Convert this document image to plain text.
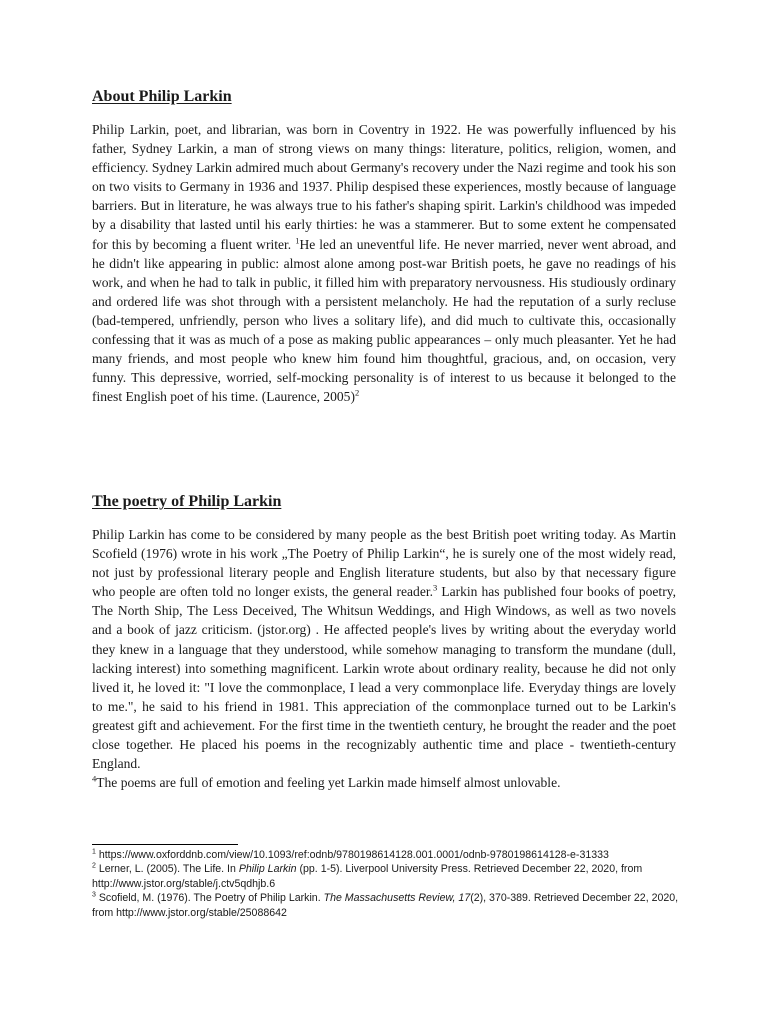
About Philip Larkin

Philip Larkin, poet, and librarian, was born in Coventry in 1922. He was powerfully influenced by his father, Sydney Larkin, a man of strong views on many things: literature, politics, religion, women, and efficiency. Sydney Larkin admired much about Germany's recovery under the Nazi regime and took his son on two visits to Germany in 1936 and 1937. Philip despised these experiences, mostly because of language barriers. But in literature, he was always true to his father's shaping spirit. Larkin's childhood was impeded by a disability that lasted until his early thirties: he was a stammerer. But to some extent he compensated for this by becoming a fluent writer. $^1$He led an uneventful life. He never married, never went abroad, and he didn't like appearing in public: almost alone among post-war British poets, he gave no readings of his work, and when he had to talk in public, it filled him with preparatory nervousness. His studiously ordinary and ordered life was shot through with a persistent melancholy. He had the reputation of a surly recluse (bad-tempered, unfriendly, person who lives a solitary life), and did much to cultivate this, occasionally confessing that it was as much of a pose as making public appearances – only much pleasanter. Yet he had many friends, and most people who knew him found him thoughtful, gracious, and, on occasion, very funny. This depressive, worried, self-mocking personality is of interest to us because it belonged to the finest English poet of his time. (Laurence, 2005)$^2$

The poetry of Philip Larkin

Philip Larkin has come to be considered by many people as the best British poet writing today. As Martin Scofield (1976) wrote in his work „The Poetry of Philip Larkin“, he is surely one of the most widely read, not just by professional literary people and English literature students, but also by that necessary figure who people are often told no longer exists, the general reader.$^3$ Larkin has published four books of poetry, The North Ship, The Less Deceived, The Whitsun Weddings, and High Windows, as well as two novels and a book of jazz criticism. (jstor.org) . He affected people's lives by writing about the everyday world they knew in a language that they understood, while somehow managing to transform the mundane (dull, lacking interest) into something magnificent. Larkin wrote about ordinary reality, because he did not only lived it, he loved it: "I love the commonplace, I lead a very commonplace life. Everyday things are lovely to me.", he said to his friend in 1981. This appreciation of the commonplace turned out to be Larkin's greatest gift and achievement. For the first time in the twentieth century, he brought the reader and the poet close together. He placed his poems in the recognizably authentic time and place - twentieth-century England.
$^4$The poems are full of emotion and feeling yet Larkin made himself almost unlovable.

$^1$ https://www.oxforddnb.com/view/10.1093/ref:odnb/9780198614128.001.0001/odnb-9780198614128-e-31333

$^2$ Lerner, L. (2005). The Life. In Philip Larkin (pp. 1-5). Liverpool University Press. Retrieved December 22, 2020, from http://www.jstor.org/stable/j.ctv5qdhjb.6

$^3$ Scofield, M. (1976). The Poetry of Philip Larkin. The Massachusetts Review, 17(2), 370-389. Retrieved December 22, 2020, from http://www.jstor.org/stable/25088642
